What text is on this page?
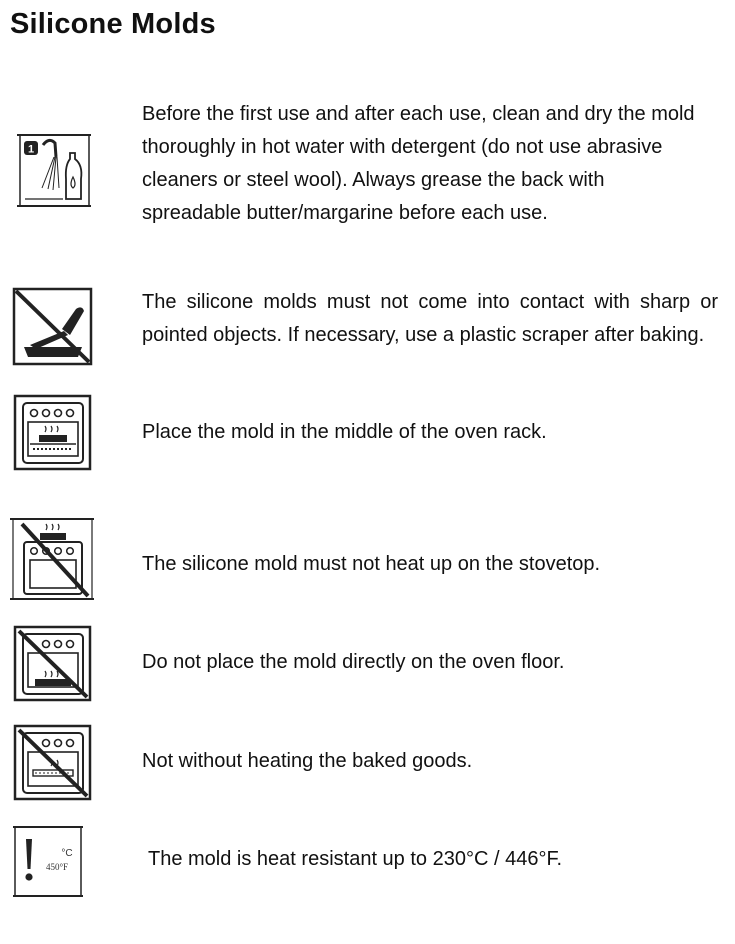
Silicone Molds
1

Before the first use and after each use, clean and dry the mold thoroughly in hot water with detergent (do not use abrasive cleaners or steel wool). Always grease the back with spreadable butter/margarine before each use.

The silicone molds must not come into contact with sharp or pointed objects. If necessary, use a plastic scraper after baking.

Place the mold in the middle of the oven rack.

The silicone mold must not heat up on the stovetop.

Do not place the mold directly on the oven floor.

Not without heating the baked goods.

°C
450°F	The mold is heat resistant up to 230°C / 446°F.
